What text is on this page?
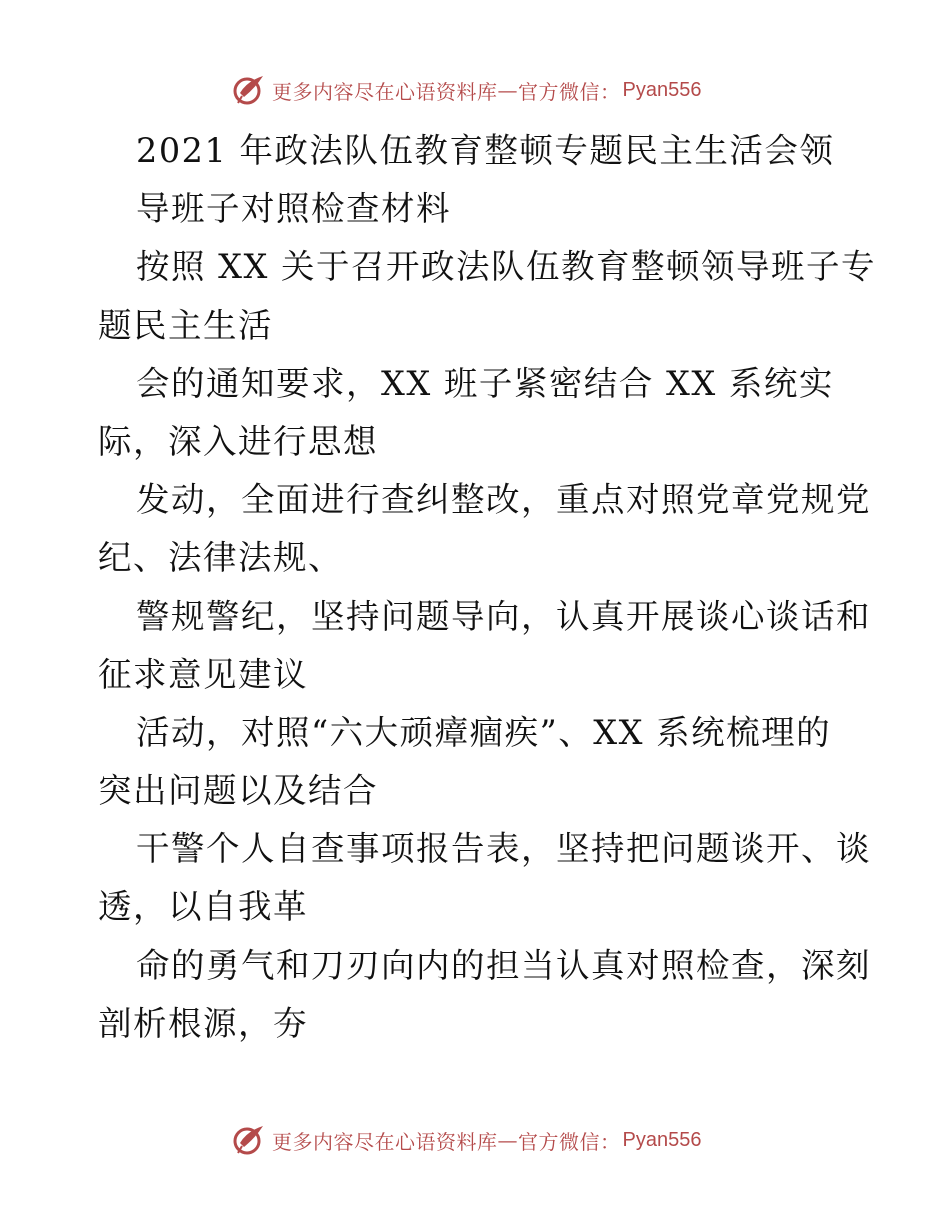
更多内容尽在心语资料库 — 官方微信： Pyan556
2021 年政法队伍教育整顿专题民主生活会领
导班子对照检查材料
按照 XX 关于召开政法队伍教育整顿领导班子专
题民主生活
会的通知要求，XX 班子紧密结合 XX 系统实
际，深入进行思想
发动，全面进行查纠整改，重点对照党章党规党
纪、法律法规、
警规警纪，坚持问题导向，认真开展谈心谈话和
征求意见建议
活动，对照“六大顽瘴痼疾”、XX 系统梳理的
突出问题以及结合
干警个人自查事项报告表，坚持把问题谈开、谈
透，以自我革
命的勇气和刀刃向内的担当认真对照检查，深刻
剖析根源，夯
更多内容尽在心语资料库 — 官方微信： Pyan556
